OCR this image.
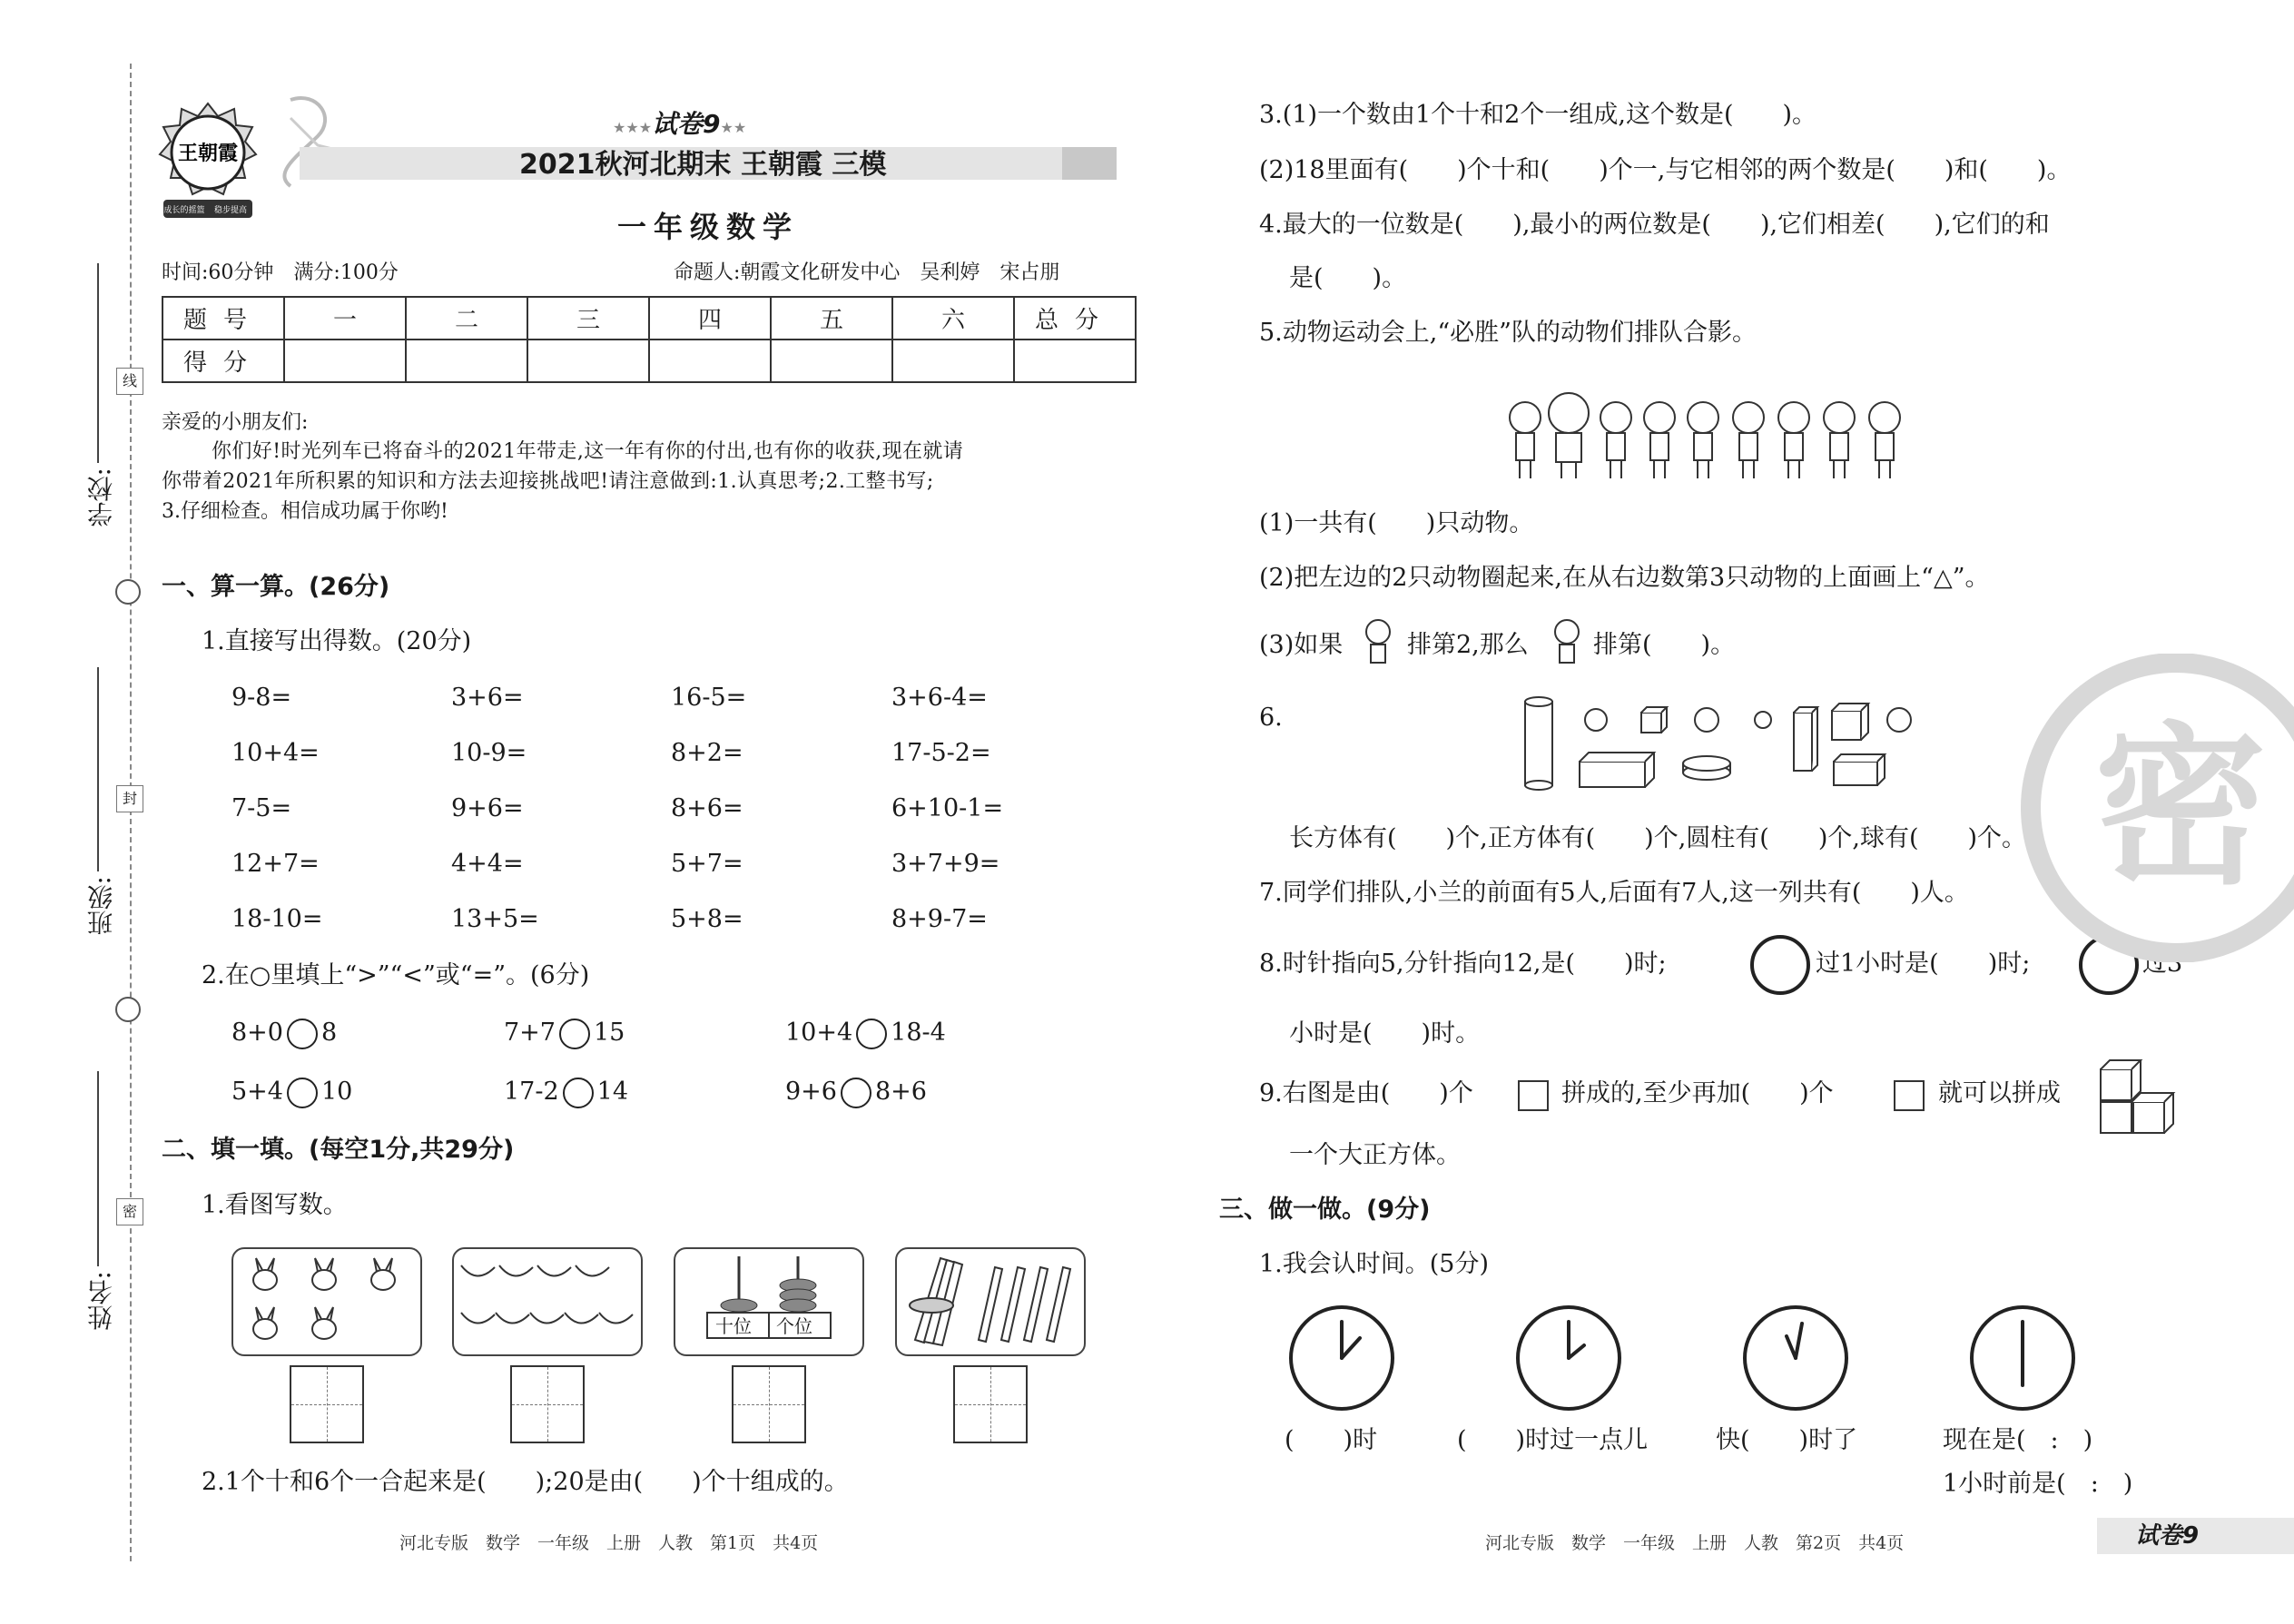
学校:
班级:
姓名:
线
封
密
王朝霞
成长的摇篮 稳步提高
★★★试卷9★★
2021秋河北期末 王朝霞 三模
一年级数学
时间:60分钟　满分:100分	命题人:朝霞文化研发中心　吴利婷　宋占朋
题号	一	二	三	四	五	六	总分
得分							
亲爱的小朋友们:
你们好!时光列车已将奋斗的2021年带走,这一年有你的付出,也有你的收获,现在就请
你带着2021年所积累的知识和方法去迎接挑战吧!请注意做到:1.认真思考;2.工整书写;
3.仔细检查。相信成功属于你哟!
一、算一算。(26分)
1.直接写出得数。(20分)
9-8=	3+6=	16-5=	3+6-4=
10+4=	10-9=	8+2=	17-5-2=
7-5=	9+6=	8+6=	6+10-1=
12+7=	4+4=	5+7=	3+7+9=
18-10=	13+5=	5+8=	8+9-7=
2.在○里填上“>”“<”或“=”。(6分)
8+0 8	7+7 15	10+4 18-4
5+4 10	17-2 14	9+6 8+6
二、填一填。(每空1分,共29分)
1.看图写数。
十位 个位
2.1个十和6个一合起来是(　　);20是由(　　)个十组成的。
河北专版　数学　一年级　上册　人教　第1页　共4页
3.(1)一个数由1个十和2个一组成,这个数是(　　)。
(2)18里面有(　　)个十和(　　)个一,与它相邻的两个数是(　　)和(　　)。
4.最大的一位数是(　　),最小的两位数是(　　),它们相差(　　),它们的和
是(　　)。
5.动物运动会上,“必胜”队的动物们排队合影。
(1)一共有(　　)只动物。
(2)把左边的2只动物圈起来,在从右边数第3只动物的上面画上“△”。
(3)如果	排第2,那么	排第(　　)。
6.
长方体有(　　)个,正方体有(　　)个,圆柱有(　　)个,球有(　　)个。
7.同学们排队,小兰的前面有5人,后面有7人,这一列共有(　　)人。
8.时针指向5,分针指向12,是(　　)时;	过1小时是(　　)时;	过3
小时是(　　)时。
9.右图是由(　　)个	拼成的,至少再加(　　)个	就可以拼成
一个大正方体。
三、做一做。(9分)
1.我会认时间。(5分)
(　　)时	(　　)时过一点儿	快(　　)时了	现在是(　:　)
1小时前是(　:　)
河北专版　数学　一年级　上册　人教　第2页　共4页	试卷9
密
